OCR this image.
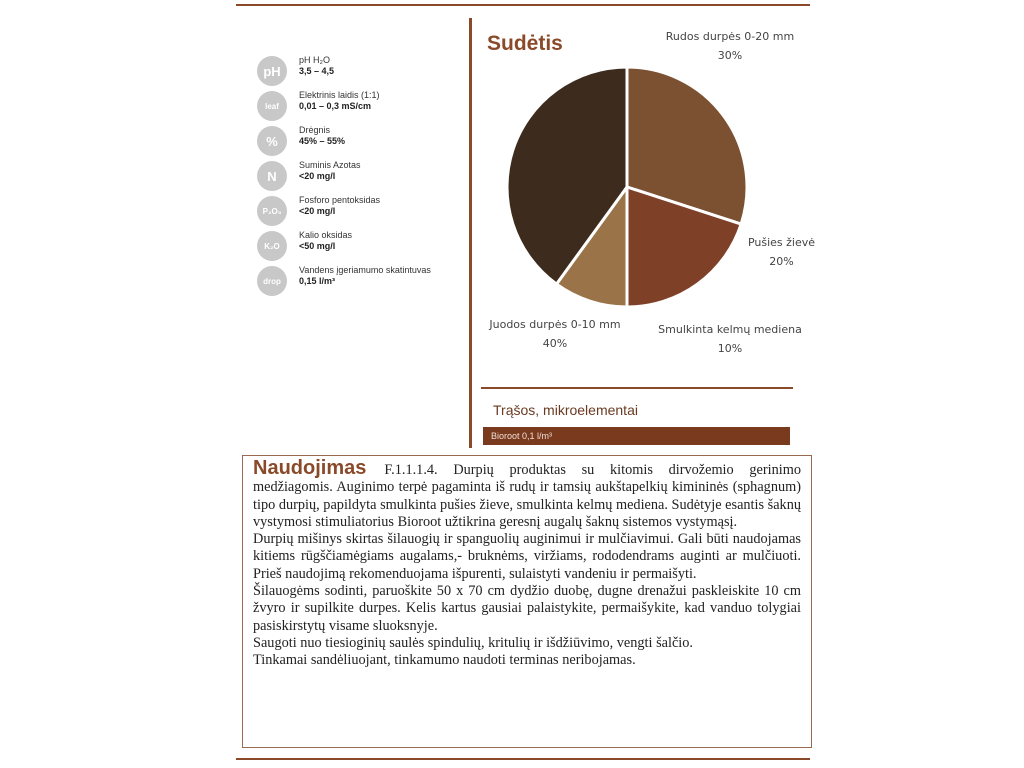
pH
pH H₂O
3,5 – 4,5
leaf
Elektrinis laidis (1:1)
0,01 – 0,3 mS/cm
%
Drėgnis
45% – 55%
N
Suminis Azotas
<20 mg/l
P₂O₅
Fosforo pentoksidas
<20 mg/l
K₂O
Kalio oksidas
<50 mg/l
drop
Vandens įgeriamumo skatintuvas
0,15 l/m³
Sudėtis	Rudos durpės 0-20 mm
30%
Pušies žievė
20%
Smulkinta kelmų mediena
10%
Juodos durpės 0-10 mm
40%
Trąšos, mikroelementai
Bioroot 0,1 l/m³

Naudojimas F.1.1.1.4. Durpių produktas su kitomis dirvožemio gerinimo medžiagomis. Auginimo terpė pagaminta iš rudų ir tamsių aukštapelkių kimininės (sphagnum) tipo durpių, papildyta smulkinta pušies žieve, smulkinta kelmų mediena. Sudėtyje esantis šaknų vystymosi stimuliatorius Bioroot užtikrina geresnį augalų šaknų sistemos vystymąsį.

Durpių mišinys skirtas šilauogių ir spanguolių auginimui ir mulčiavimui. Gali būti naudojamas kitiems rūgščiamėgiams augalams,- bruknėms, viržiams, rododendrams auginti ar mulčiuoti. Prieš naudojimą rekomenduojama išpurenti, sulaistyti vandeniu ir permaišyti.

Šilauogėms sodinti, paruoškite 50 x 70 cm dydžio duobę, dugne drenažui paskleiskite 10 cm žvyro ir supilkite durpes. Kelis kartus gausiai palaistykite, permaišykite, kad vanduo tolygiai pasiskirstytų visame sluoksnyje.

Saugoti nuo tiesioginių saulės spindulių, kritulių ir išdžiūvimo, vengti šalčio.

Tinkamai sandėliuojant, tinkamumo naudoti terminas neribojamas.
